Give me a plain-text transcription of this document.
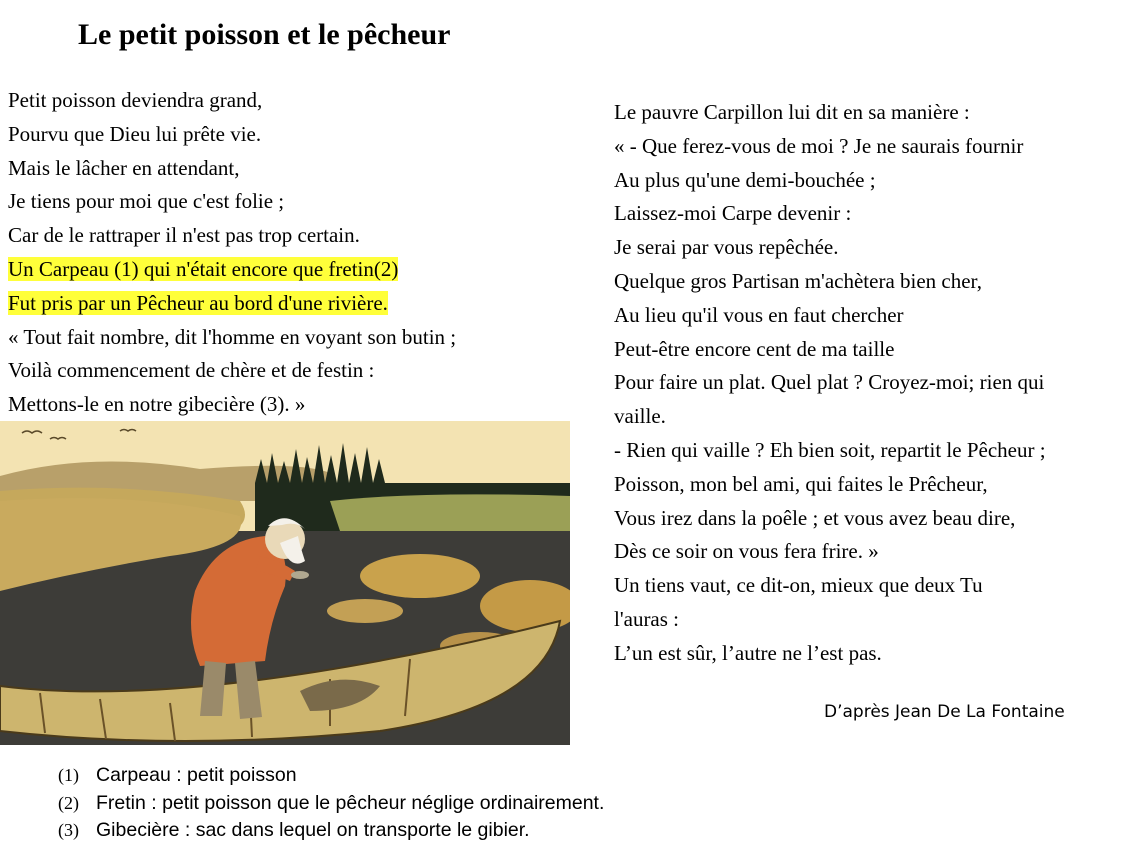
Le petit poisson et le pêcheur
Petit poisson deviendra grand,
Pourvu que Dieu lui prête vie.
Mais le lâcher en attendant,
Je tiens pour moi que c'est folie ;
Car de le rattraper il n'est pas trop certain.
Un Carpeau (1) qui n'était encore que fretin(2)
Fut pris par un Pêcheur au bord d'une rivière.
« Tout fait nombre, dit l'homme en voyant son butin ;
Voilà commencement de chère et de festin :
Mettons-le en notre gibecière (3). »
Le pauvre Carpillon lui dit en sa manière :
« - Que ferez-vous de moi ? Je ne saurais fournir
Au plus qu'une demi-bouchée ;
Laissez-moi Carpe devenir :
Je serai par vous repêchée.
Quelque gros Partisan m'achètera bien cher,
Au lieu qu'il vous en faut chercher
Peut-être encore cent de ma taille
Pour faire un plat. Quel plat ? Croyez-moi; rien qui
vaille.
- Rien qui vaille ? Eh bien soit, repartit le Pêcheur ;
Poisson, mon bel ami, qui faites le Prêcheur,
Vous irez dans la poêle ; et vous avez beau dire,
Dès ce soir on vous fera frire. »
Un tiens vaut, ce dit-on, mieux que deux Tu
l'auras :
L’un est sûr, l’autre ne l’est pas.
D’après Jean De La Fontaine
(1) Carpeau : petit poisson
(2) Fretin : petit poisson que le pêcheur néglige ordinairement.
(3) Gibecière : sac dans lequel on transporte le gibier.
